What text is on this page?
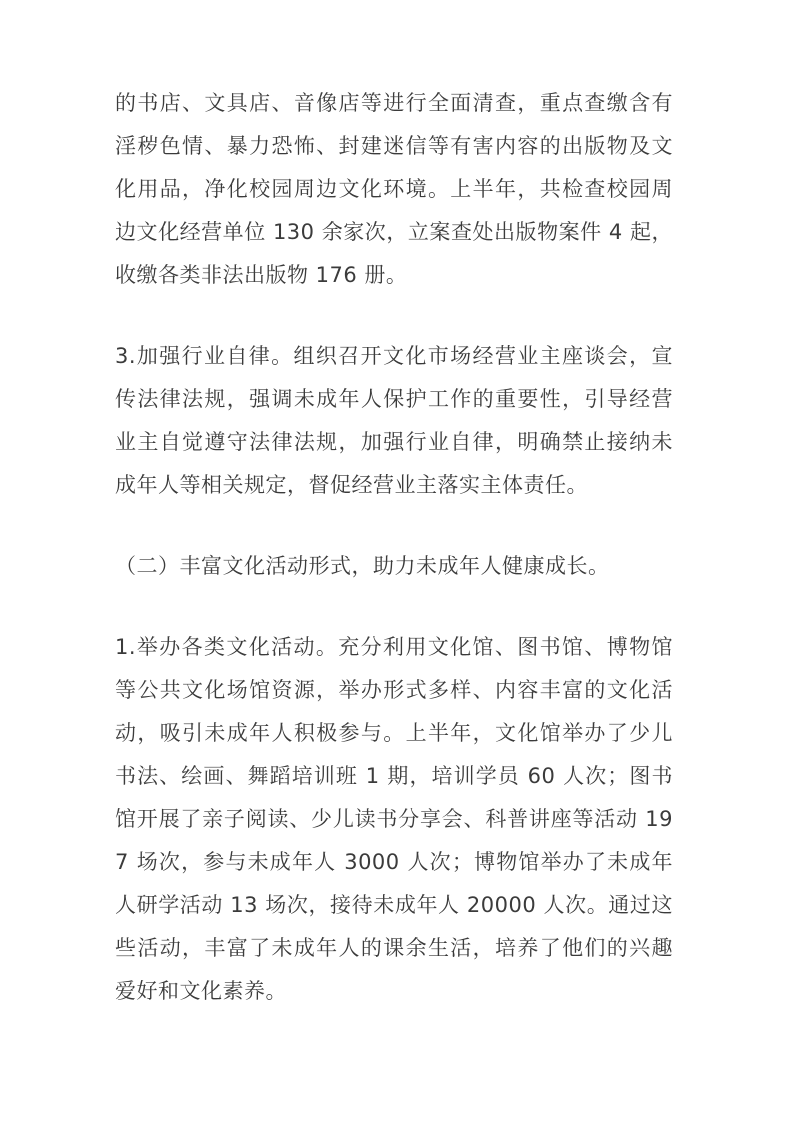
的书店、文具店、音像店等进行全面清查，重点查缴含有淫秽色情、暴力恐怖、封建迷信等有害内容的出版物及文化用品，净化校园周边文化环境。上半年，共检查校园周边文化经营单位 130 余家次，立案查处出版物案件 4 起，收缴各类非法出版物 176 册。

3.加强行业自律。组织召开文化市场经营业主座谈会，宣传法律法规，强调未成年人保护工作的重要性，引导经营业主自觉遵守法律法规，加强行业自律，明确禁止接纳未成年人等相关规定，督促经营业主落实主体责任。

（二）丰富文化活动形式，助力未成年人健康成长。

1.举办各类文化活动。充分利用文化馆、图书馆、博物馆等公共文化场馆资源，举办形式多样、内容丰富的文化活动，吸引未成年人积极参与。上半年，文化馆举办了少儿书法、绘画、舞蹈培训班 1 期，培训学员 60 人次；图书馆开展了亲子阅读、少儿读书分享会、科普讲座等活动 197 场次，参与未成年人 3000 人次；博物馆举办了未成年人研学活动 13 场次，接待未成年人 20000 人次。通过这些活动，丰富了未成年人的课余生活，培养了他们的兴趣爱好和文化素养。
